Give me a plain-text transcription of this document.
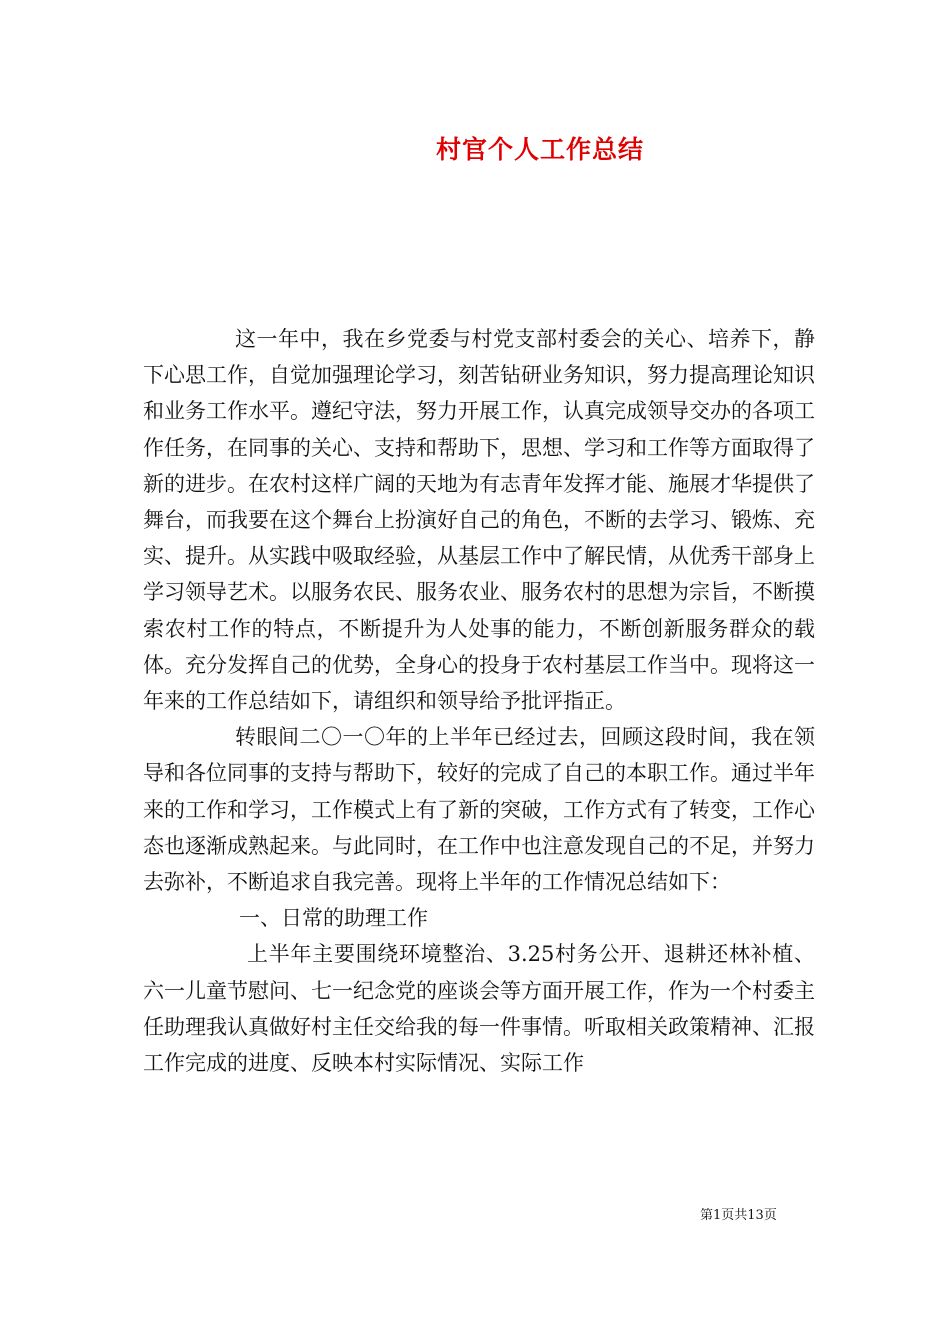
村官个人工作总结

这一年中，我在乡党委与村党支部村委会的关心、培养下，静下心思工作，自觉加强理论学习，刻苦钻研业务知识，努力提高理论知识和业务工作水平。遵纪守法，努力开展工作，认真完成领导交办的各项工作任务，在同事的关心、支持和帮助下，思想、学习和工作等方面取得了新的进步。在农村这样广阔的天地为有志青年发挥才能、施展才华提供了舞台，而我要在这个舞台上扮演好自己的角色，不断的去学习、锻炼、充实、提升。从实践中吸取经验，从基层工作中了解民情，从优秀干部身上学习领导艺术。以服务农民、服务农业、服务农村的思想为宗旨，不断摸索农村工作的特点，不断提升为人处事的能力，不断创新服务群众的载体。充分发挥自己的优势，全身心的投身于农村基层工作当中。现将这一年来的工作总结如下，请组织和领导给予批评指正。

转眼间二〇一〇年的上半年已经过去，回顾这段时间，我在领导和各位同事的支持与帮助下，较好的完成了自己的本职工作。通过半年来的工作和学习，工作模式上有了新的突破，工作方式有了转变，工作心态也逐渐成熟起来。与此同时，在工作中也注意发现自己的不足，并努力去弥补，不断追求自我完善。现将上半年的工作情况总结如下：

一、日常的助理工作

上半年主要围绕环境整治、3.25村务公开、退耕还林补植、六一儿童节慰问、七一纪念党的座谈会等方面开展工作，作为一个村委主任助理我认真做好村主任交给我的每一件事情。听取相关政策精神、汇报工作完成的进度、反映本村实际情况、实际工作

第1页共13页
